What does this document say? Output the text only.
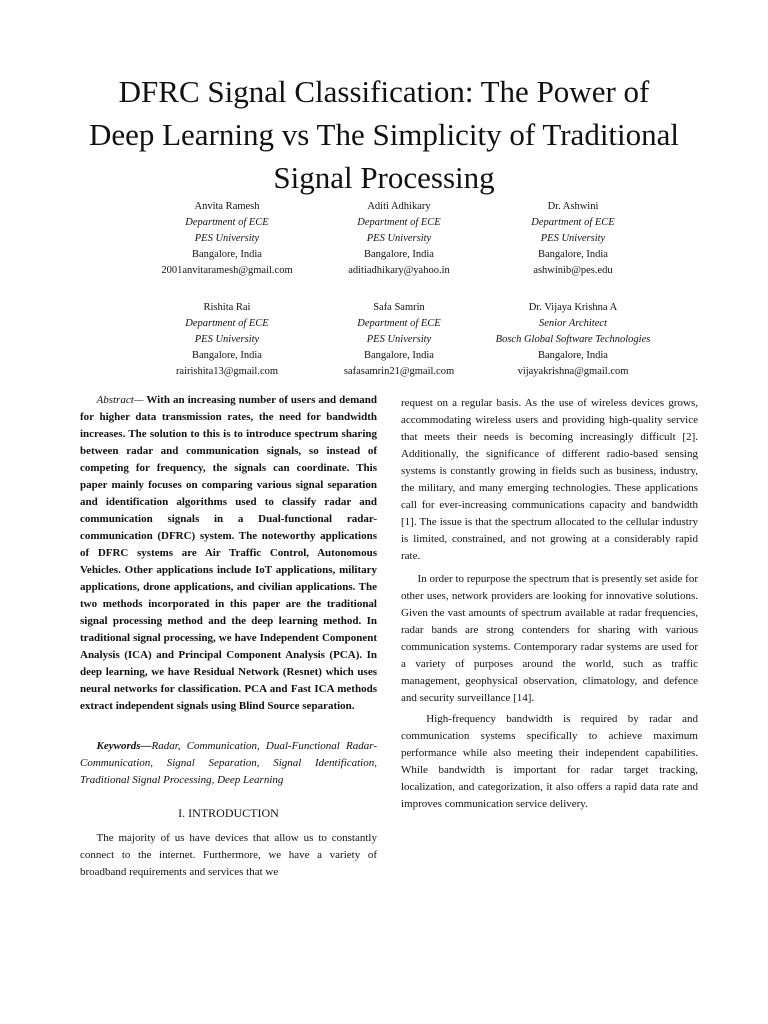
DFRC Signal Classification: The Power of
Deep Learning vs The Simplicity of Traditional
Signal Processing
Anvita Ramesh
Department of ECE
PES University
Bangalore, India
2001anvitaramesh@gmail.com
Aditi Adhikary
Department of ECE
PES University
Bangalore, India
aditiadhikary@yahoo.in
Dr. Ashwini
Department of ECE
PES University
Bangalore, India
ashwinib@pes.edu
Rishita Rai
Department of ECE
PES University
Bangalore, India
rairishita13@gmail.com
Safa Samrin
Department of ECE
PES University
Bangalore, India
safasamrin21@gmail.com
Dr. Vijaya Krishna A
Senior Architect
Bosch Global Software Technologies
Bangalore, India
vijayakrishna@gmail.com

Abstract— With an increasing number of users and demand for higher data transmission rates, the need for bandwidth increases. The solution to this is to introduce spectrum sharing between radar and communication signals, so instead of competing for frequency, the signals can coordinate. This paper mainly focuses on comparing various signal separation and identification algorithms used to classify radar and communication signals in a Dual-functional radar-communication (DFRC) system. The noteworthy applications of DFRC systems are Air Traffic Control, Autonomous Vehicles. Other applications include IoT applications, military applications, drone applications, and civilian applications. The two methods incorporated in this paper are the traditional signal processing method and the deep learning method. In traditional signal processing, we have Independent Component Analysis (ICA) and Principal Component Analysis (PCA). In deep learning, we have Residual Network (Resnet) which uses neural networks for classification. PCA and Fast ICA methods extract independent signals using Blind Source separation.

Keywords—Radar, Communication, Dual-Functional Radar-Communication, Signal Separation, Signal Identification, Traditional Signal Processing, Deep Learning

I. INTRODUCTION

The majority of us have devices that allow us to constantly connect to the internet. Furthermore, we have a variety of broadband requirements and services that we

request on a regular basis. As the use of wireless devices grows, accommodating wireless users and providing high-quality service that meets their needs is becoming increasingly difficult [2]. Additionally, the significance of different radio-based sensing systems is constantly growing in fields such as business, industry, the military, and many emerging technologies. These applications call for ever-increasing communications capacity and bandwidth [1]. The issue is that the spectrum allocated to the cellular industry is limited, constrained, and not growing at a considerably rapid rate.

In order to repurpose the spectrum that is presently set aside for other uses, network providers are looking for innovative solutions. Given the vast amounts of spectrum available at radar frequencies, radar bands are strong contenders for sharing with various communication systems. Contemporary radar systems are used for a variety of purposes around the world, such as traffic management, geophysical observation, climatology, and defence and security surveillance [14].

High-frequency bandwidth is required by radar and communication systems specifically to achieve maximum performance while also meeting their independent capabilities. While bandwidth is important for radar target tracking, localization, and categorization, it also offers a rapid data rate and improves communication service delivery.
